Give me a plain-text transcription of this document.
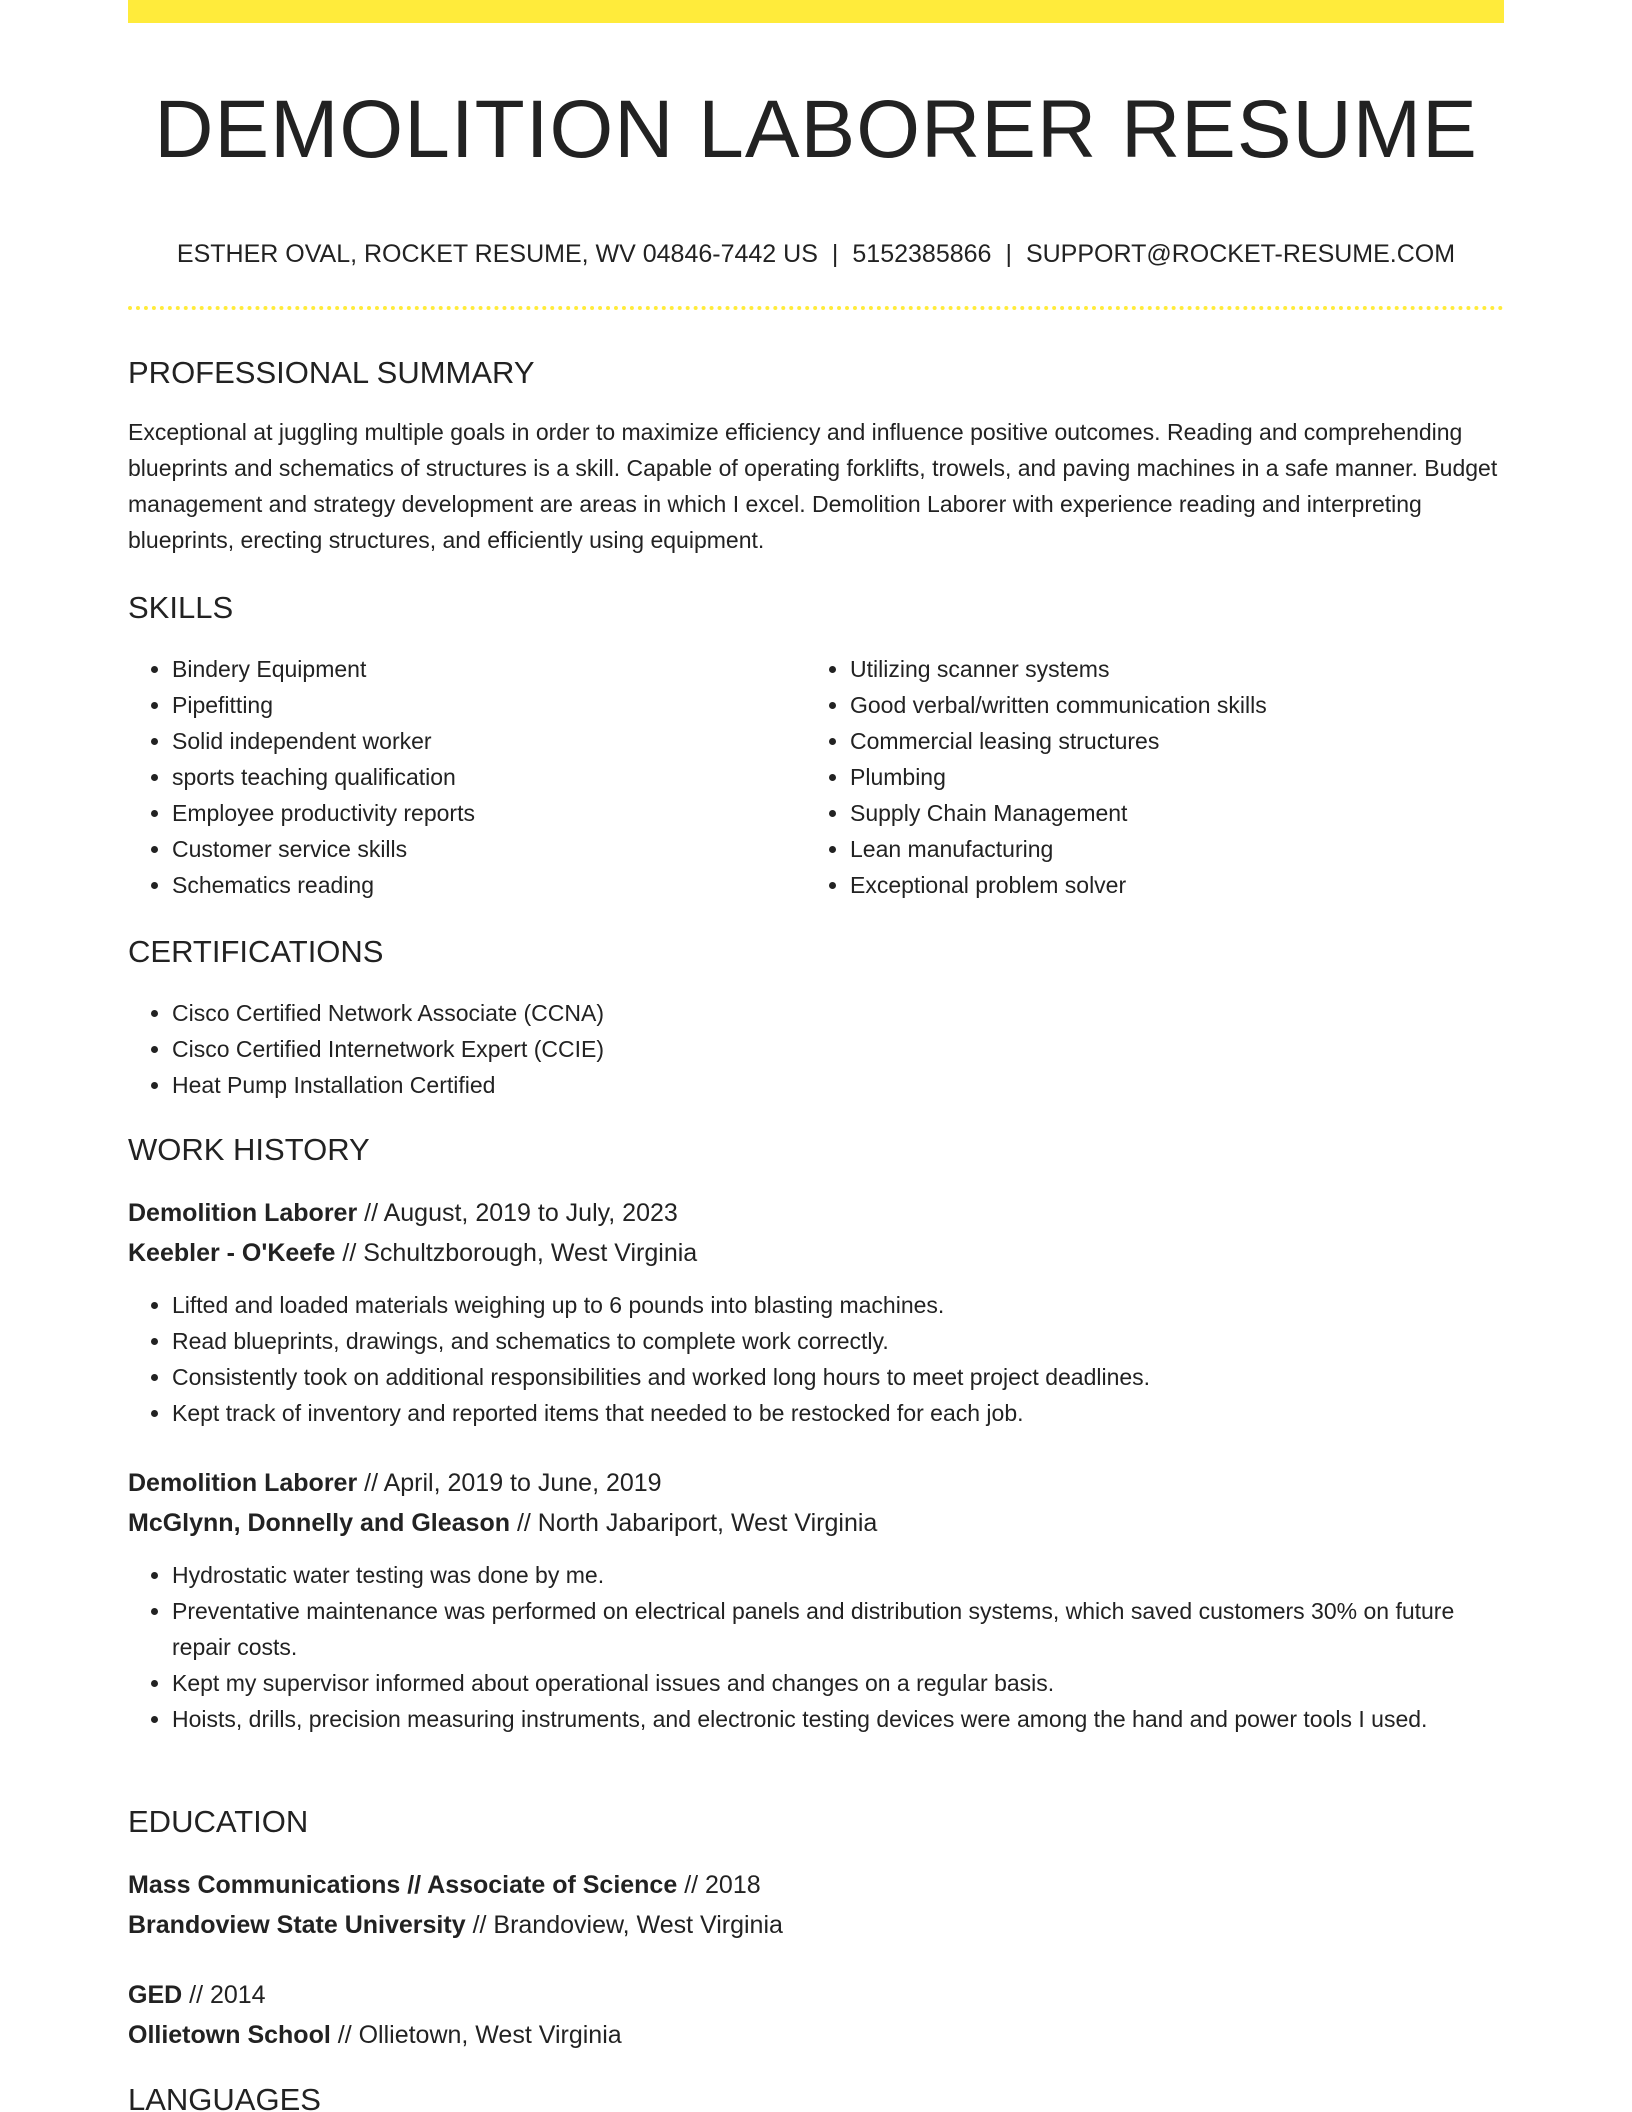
DEMOLITION LABORER RESUME
ESTHER OVAL, ROCKET RESUME, WV 04846-7442 US | 5152385866 | SUPPORT@ROCKET-RESUME.COM
PROFESSIONAL SUMMARY

Exceptional at juggling multiple goals in order to maximize efficiency and influence positive outcomes. Reading and comprehending blueprints and schematics of structures is a skill. Capable of operating forklifts, trowels, and paving machines in a safe manner. Budget management and strategy development are areas in which I excel. Demolition Laborer with experience reading and interpreting blueprints, erecting structures, and efficiently using equipment.

SKILLS
• Bindery Equipment
• Pipefitting
• Solid independent worker
• sports teaching qualification
• Employee productivity reports
• Customer service skills
• Schematics reading
• Utilizing scanner systems
• Good verbal/written communication skills
• Commercial leasing structures
• Plumbing
• Supply Chain Management
• Lean manufacturing
• Exceptional problem solver
CERTIFICATIONS
• Cisco Certified Network Associate (CCNA)
• Cisco Certified Internetwork Expert (CCIE)
• Heat Pump Installation Certified
WORK HISTORY
Demolition Laborer // August, 2019 to July, 2023
Keebler - O'Keefe // Schultzborough, West Virginia
• Lifted and loaded materials weighing up to 6 pounds into blasting machines.
• Read blueprints, drawings, and schematics to complete work correctly.
• Consistently took on additional responsibilities and worked long hours to meet project deadlines.
• Kept track of inventory and reported items that needed to be restocked for each job.
Demolition Laborer // April, 2019 to June, 2019
McGlynn, Donnelly and Gleason // North Jabariport, West Virginia
• Hydrostatic water testing was done by me.
• Preventative maintenance was performed on electrical panels and distribution systems, which saved customers 30% on future repair costs.
• Kept my supervisor informed about operational issues and changes on a regular basis.
• Hoists, drills, precision measuring instruments, and electronic testing devices were among the hand and power tools I used.
EDUCATION
Mass Communications // Associate of Science // 2018
Brandoview State University // Brandoview, West Virginia
GED // 2014
Ollietown School // Ollietown, West Virginia
LANGUAGES
